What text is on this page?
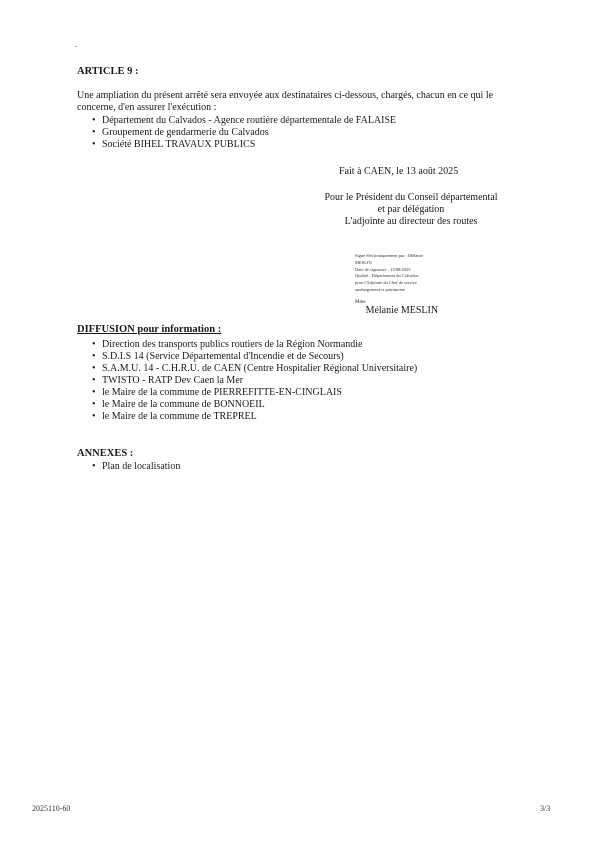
.
ARTICLE 9 :
Une ampliation du présent arrêté sera envoyée aux destinataires ci-dessous, chargés, chacun en ce qui le
concerne, d'en assurer l'exécution :
• Département du Calvados - Agence routière départementale de FALAISE
• Groupement de gendarmerie du Calvados
• Société BIHEL TRAVAUX PUBLICS
Fait à CAEN, le 13 août 2025
Pour le Président du Conseil départemental
et par délégation
L'adjointe au directeur des routes
Signé électroniquement par : Mélanie
MESLIN
Date de signature : 13/08/2025
Qualité : Département du Calvados
pour l'Adjointe du Chef de service
aménagement et patrimoine
$^{Mme}$Mélanie MESLIN
DIFFUSION pour information :
• Direction des transports publics routiers de la Région Normandie
• S.D.I.S 14 (Service Départemental d'Incendie et de Secours)
• S.A.M.U. 14 - C.H.R.U. de CAEN (Centre Hospitalier Régional Universitaire)
• TWISTO - RATP Dev Caen la Mer
• le Maire de la commune de PIERREFITTE-EN-CINGLAIS
• le Maire de la commune de BONNOEIL
• le Maire de la commune de TREPREL
ANNEXES :
• Plan de localisation
2025110-60	3/3
